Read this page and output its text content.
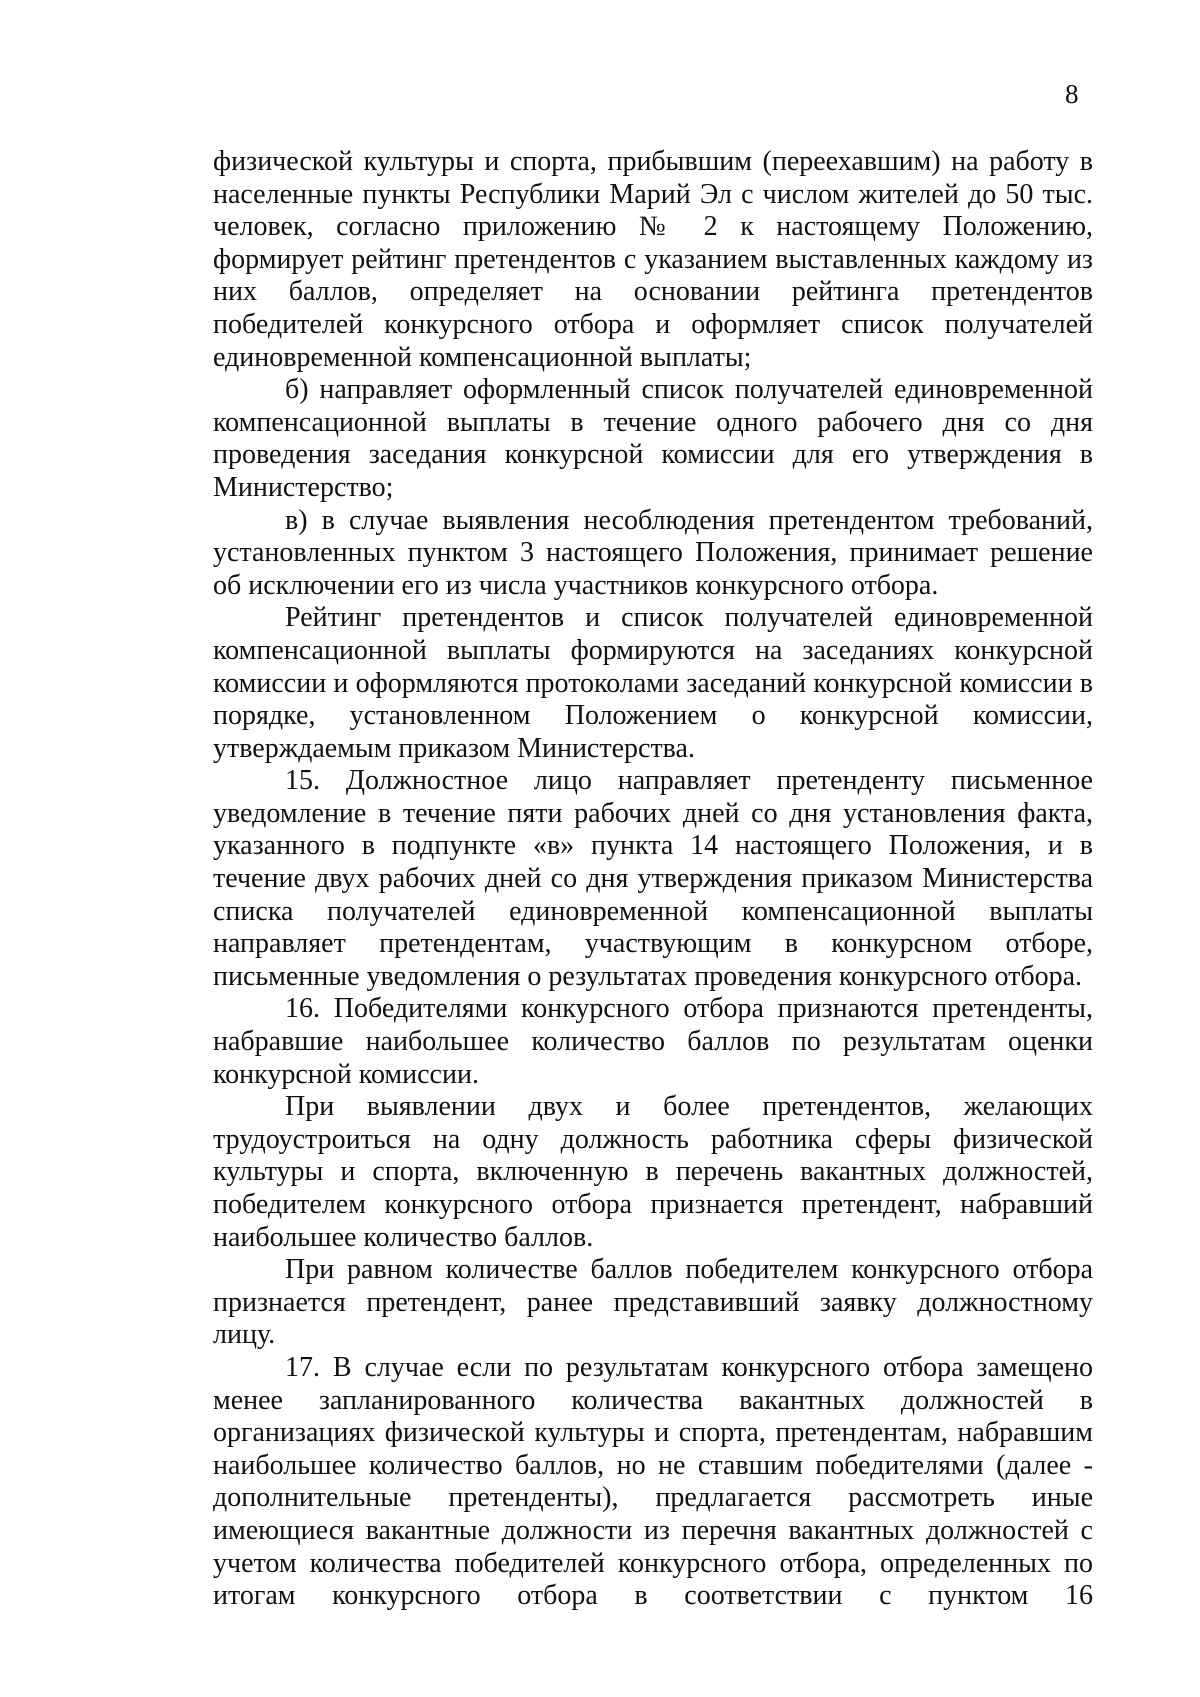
8

физической культуры и спорта, прибывшим (переехавшим) на работу в населенные пункты Республики Марий Эл с числом жителей до 50 тыс. человек, согласно приложению № 2 к настоящему Положению, формирует рейтинг претендентов с указанием выставленных каждому из них баллов, определяет на основании рейтинга претендентов победителей конкурсного отбора и оформляет список получателей единовременной компенсационной выплаты;

б) направляет оформленный список получателей единовременной компенсационной выплаты в течение одного рабочего дня со дня проведения заседания конкурсной комиссии для его утверждения в Министерство;

в) в случае выявления несоблюдения претендентом требований, установленных пунктом 3 настоящего Положения, принимает решение об исключении его из числа участников конкурсного отбора.

Рейтинг претендентов и список получателей единовременной компенсационной выплаты формируются на заседаниях конкурсной комиссии и оформляются протоколами заседаний конкурсной комиссии в порядке, установленном Положением о конкурсной комиссии, утверждаемым приказом Министерства.

15. Должностное лицо направляет претенденту письменное уведомление в течение пяти рабочих дней со дня установления факта, указанного в подпункте «в» пункта 14 настоящего Положения, и в течение двух рабочих дней со дня утверждения приказом Министерства списка получателей единовременной компенсационной выплаты направляет претендентам, участвующим в конкурсном отборе, письменные уведомления о результатах проведения конкурсного отбора.

16. Победителями конкурсного отбора признаются претенденты, набравшие наибольшее количество баллов по результатам оценки конкурсной комиссии.

При выявлении двух и более претендентов, желающих трудоустроиться на одну должность работника сферы физической культуры и спорта, включенную в перечень вакантных должностей, победителем конкурсного отбора признается претендент, набравший наибольшее количество баллов.

При равном количестве баллов победителем конкурсного отбора признается претендент, ранее представивший заявку должностному лицу.

17. В случае если по результатам конкурсного отбора замещено менее запланированного количества вакантных должностей в организациях физической культуры и спорта, претендентам, набравшим наибольшее количество баллов, но не ставшим победителями (далее - дополнительные претенденты), предлагается рассмотреть иные имеющиеся вакантные должности из перечня вакантных должностей с учетом количества победителей конкурсного отбора, определенных по итогам конкурсного отбора в соответствии с пунктом 16
